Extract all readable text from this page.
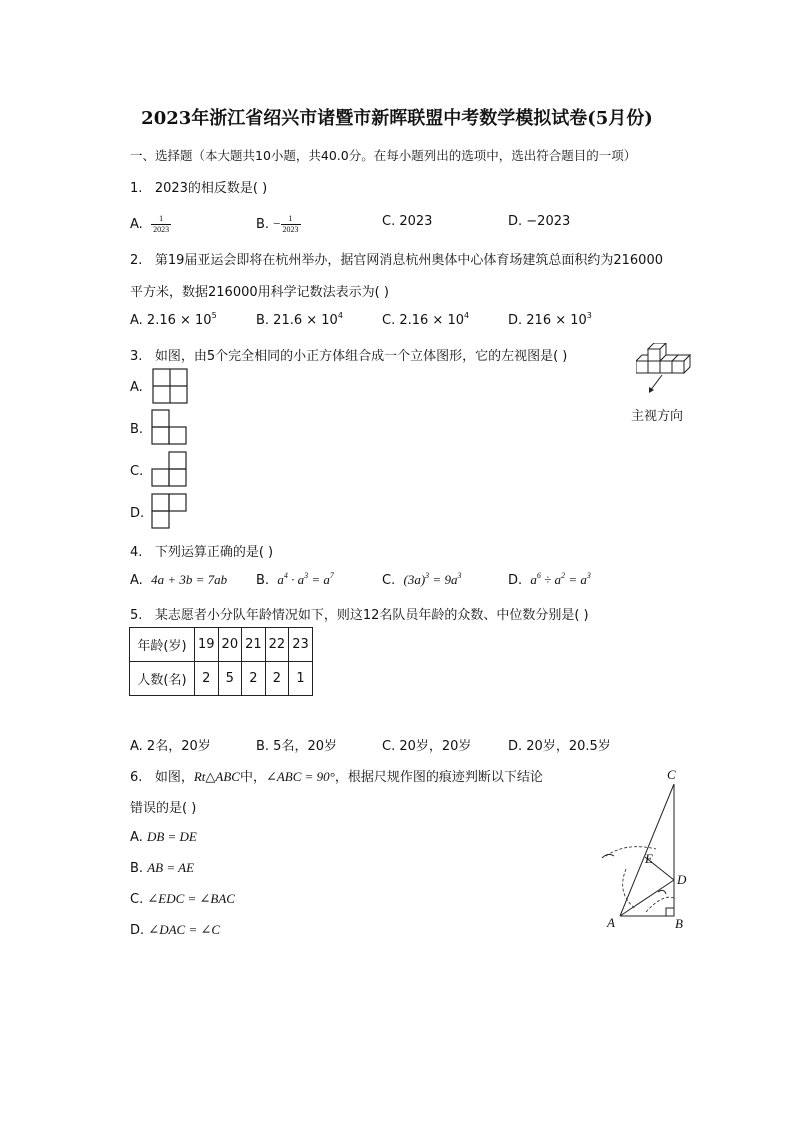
2023年浙江省绍兴市诸暨市新晖联盟中考数学模拟试卷(5月份)
一、选择题（本大题共10小题，共40.0分。在每小题列出的选项中，选出符合题目的一项）
1. 2023的相反数是( )
A. $\frac{1}{2023}$	B. − $\frac{1}{2023}$	C. 2023	D. −2023
2. 第19届亚运会即将在杭州举办，据官网消息杭州奥体中心体育场建筑总面积约为216000
平方米，数据216000用科学记数法表示为( )
A. $2.16 \times 10^5$	B. $21.6 \times 10^4$	C. $2.16 \times 10^4$	D. $216 \times 10^3$
3. 如图，由5个完全相同的小正方体组合成一个立体图形，它的左视图是( )
主视方向
A.
B.
C.
D.
4. 下列运算正确的是( )
A. 4a + 3b = 7ab B. $a^4 \cdot a^3 = a^7$	C. $(3a)^3 = 9a^3$	D. $a^6 \div a^2 = a^3$
5. 某志愿者小分队年龄情况如下，则这12名队员年龄的众数、中位数分别是( )
年龄(岁)	19	20	21	22	23
人数(名)	2	5	2	2	1
A. 2名，20岁	B. 5名，20岁	C. 20岁，20岁	D. 20岁，20.5岁
6. 如图，Rt△ABC中，∠ABC = 90°，根据尺规作图的痕迹判断以下结论
错误的是( )
A. DB = DE
B. AB = AE
C. ∠EDC = ∠BAC
D. ∠DAC = ∠C
C
E
D
A	B
